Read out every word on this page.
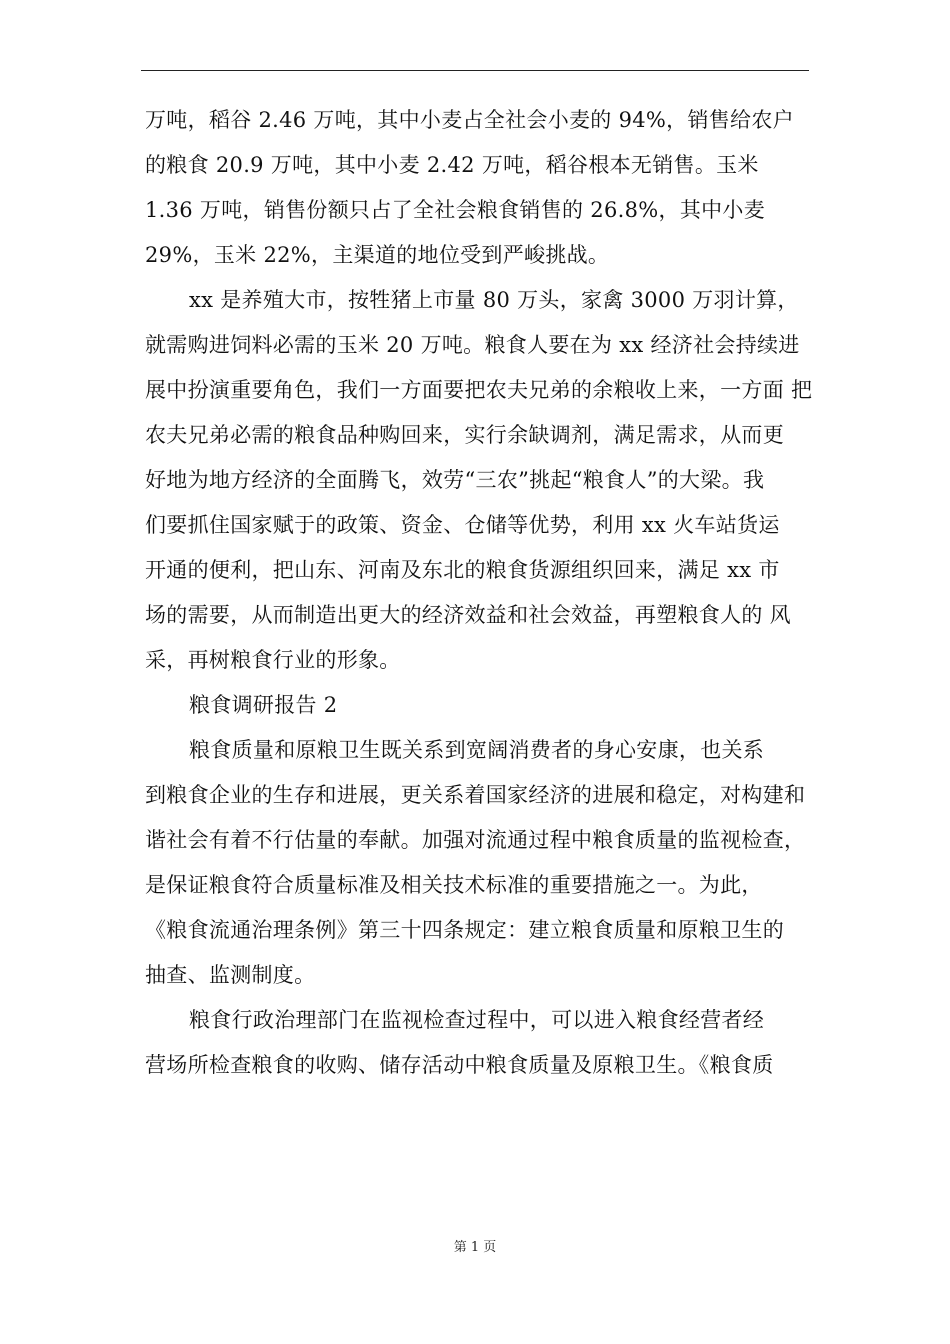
万吨，稻谷 2.46 万吨，其中小麦占全社会小麦的 94%，销售给农户
的粮食 20.9 万吨，其中小麦 2.42 万吨，稻谷根本无销售。玉米
1.36 万吨，销售份额只占了全社会粮食销售的 26.8%，其中小麦
29%，玉米 22%，主渠道的地位受到严峻挑战。
xx 是养殖大市，按牲猪上市量 80 万头，家禽 3000 万羽计算，
就需购进饲料必需的玉米 20 万吨。粮食人要在为 xx 经济社会持续进
展中扮演重要角色，我们一方面要把农夫兄弟的余粮收上来，一方面 把
农夫兄弟必需的粮食品种购回来，实行余缺调剂，满足需求，从而更
好地为地方经济的全面腾飞，效劳“三农”挑起“粮食人”的大梁。我
们要抓住国家赋于的政策、资金、仓储等优势，利用 xx 火车站货运
开通的便利，把山东、河南及东北的粮食货源组织回来，满足 xx 市
场的需要，从而制造出更大的经济效益和社会效益，再塑粮食人的 风
采，再树粮食行业的形象。
粮食调研报告 2
粮食质量和原粮卫生既关系到宽阔消费者的身心安康，也关系
到粮食企业的生存和进展，更关系着国家经济的进展和稳定，对构建和
谐社会有着不行估量的奉献。加强对流通过程中粮食质量的监视检查，
是保证粮食符合质量标准及相关技术标准的重要措施之一。为此，
《粮食流通治理条例》第三十四条规定：建立粮食质量和原粮卫生的
抽查、监测制度。
粮食行政治理部门在监视检查过程中，可以进入粮食经营者经
营场所检查粮食的收购、储存活动中粮食质量及原粮卫生。《粮食质
第 1 页
